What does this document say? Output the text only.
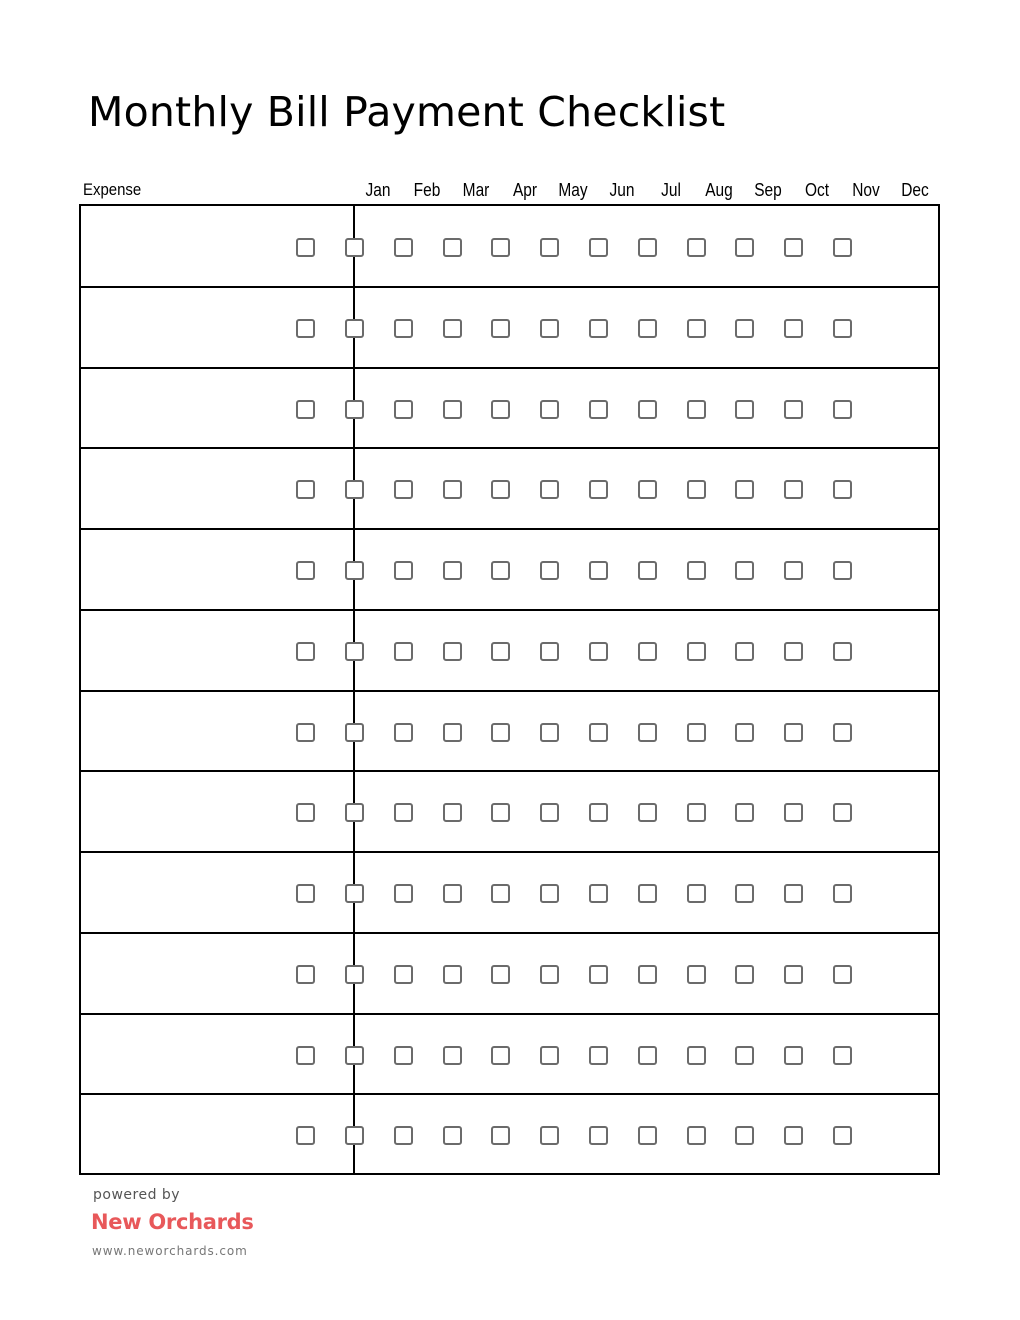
Monthly Bill Payment Checklist
Expense	Jan	Feb	Mar	Apr	May	Jun	Jul	Aug	Sep	Oct	Nov	Dec
powered by
New Orchards
www.neworchards.com
